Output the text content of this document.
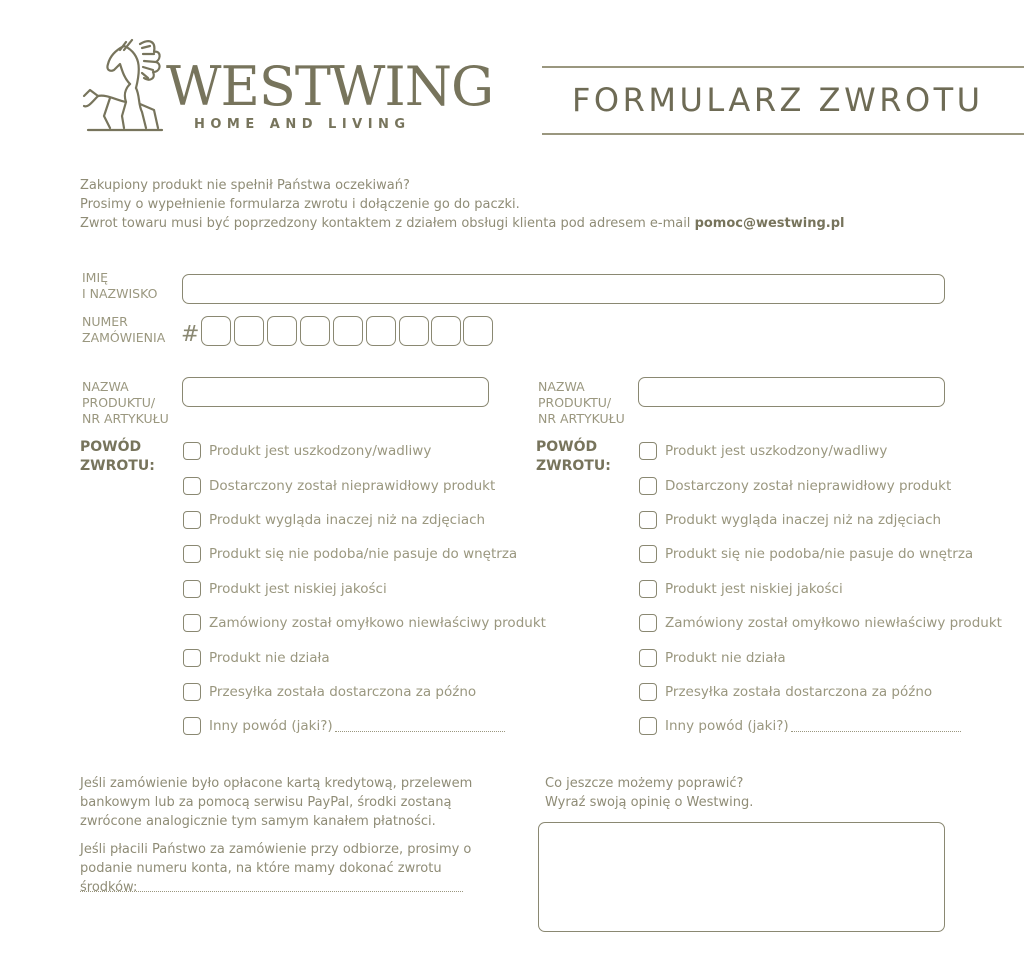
WESTWING
HOME AND LIVING
FORMULARZ ZWROTU

Zakupiony produkt nie spełnił Państwa oczekiwań?

Prosimy o wypełnienie formularza zwrotu i dołączenie go do paczki.

Zwrot towaru musi być poprzedzony kontaktem z działem obsługi klienta pod adresem e-mail pomoc@westwing.pl

IMIĘ
I NAZWISKO
NUMER
ZAMÓWIENIA #
NAZWA
PRODUKTU/
NR ARTYKUŁU
POWÓD
ZWROTU:
Produkt jest uszkodzony/wadliwy
Dostarczony został nieprawidłowy produkt
Produkt wygląda inaczej niż na zdjęciach
Produkt się nie podoba/nie pasuje do wnętrza
Produkt jest niskiej jakości
Zamówiony został omyłkowo niewłaściwy produkt
Produkt nie działa
Przesyłka została dostarczona za późno
Inny powód (jaki?)
NAZWA
PRODUKTU/
NR ARTYKUŁU
POWÓD
ZWROTU:
Produkt jest uszkodzony/wadliwy
Dostarczony został nieprawidłowy produkt
Produkt wygląda inaczej niż na zdjęciach
Produkt się nie podoba/nie pasuje do wnętrza
Produkt jest niskiej jakości
Zamówiony został omyłkowo niewłaściwy produkt
Produkt nie działa
Przesyłka została dostarczona za późno
Inny powód (jaki?)

Jeśli zamówienie było opłacone kartą kredytową, przelewem bankowym lub za pomocą serwisu PayPal, środki zostaną zwrócone analogicznie tym samym kanałem płatności.

Jeśli płacili Państwo za zamówienie przy odbiorze, prosimy o podanie numeru konta, na które mamy dokonać zwrotu środków:

Co jeszcze możemy poprawić?
Wyraź swoją opinię o Westwing.
